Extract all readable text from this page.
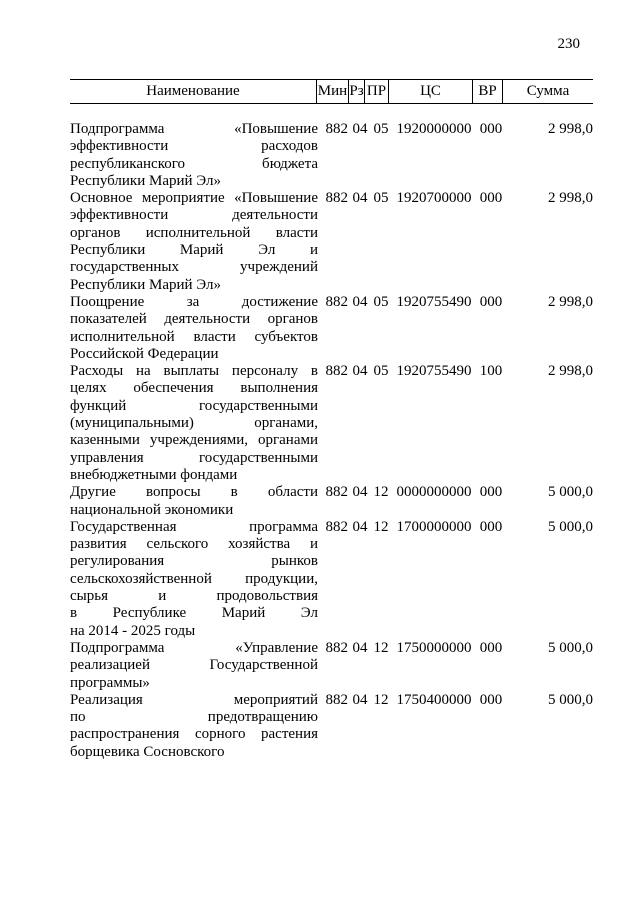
230
Наименование	Мин Рз ПР	ЦС	ВР	Сумма
Подпрограмма «Повышение
эффективности расходов
республиканского бюджета
Республики Марий Эл»
882 04 05 1920000000 000	2 998,0
Основное мероприятие «Повышение
эффективности деятельности
органов исполнительной власти
Республики Марий Эл и
государственных учреждений
Республики Марий Эл»
882 04 05 1920700000 000	2 998,0
Поощрение за достижение
показателей деятельности органов
исполнительной власти субъектов
Российской Федерации
882 04 05 1920755490 000	2 998,0
Расходы на выплаты персоналу в
целях обеспечения выполнения
функций государственными
(муниципальными) органами,
казенными учреждениями, органами
управления государственными
внебюджетными фондами
882 04 05 1920755490 100	2 998,0
Другие вопросы в области
национальной экономики
882 04 12 0000000000 000	5 000,0
Государственная программа
развития сельского хозяйства и
регулирования рынков
сельскохозяйственной продукции,
сырья и продовольствия
в Республике Марий Эл
на 2014 - 2025 годы
882 04 12 1700000000 000	5 000,0
Подпрограмма «Управление
реализацией Государственной
программы»
882 04 12 1750000000 000	5 000,0
Реализация мероприятий
по предотвращению
распространения сорного растения
борщевика Сосновского
882 04 12 1750400000 000	5 000,0
